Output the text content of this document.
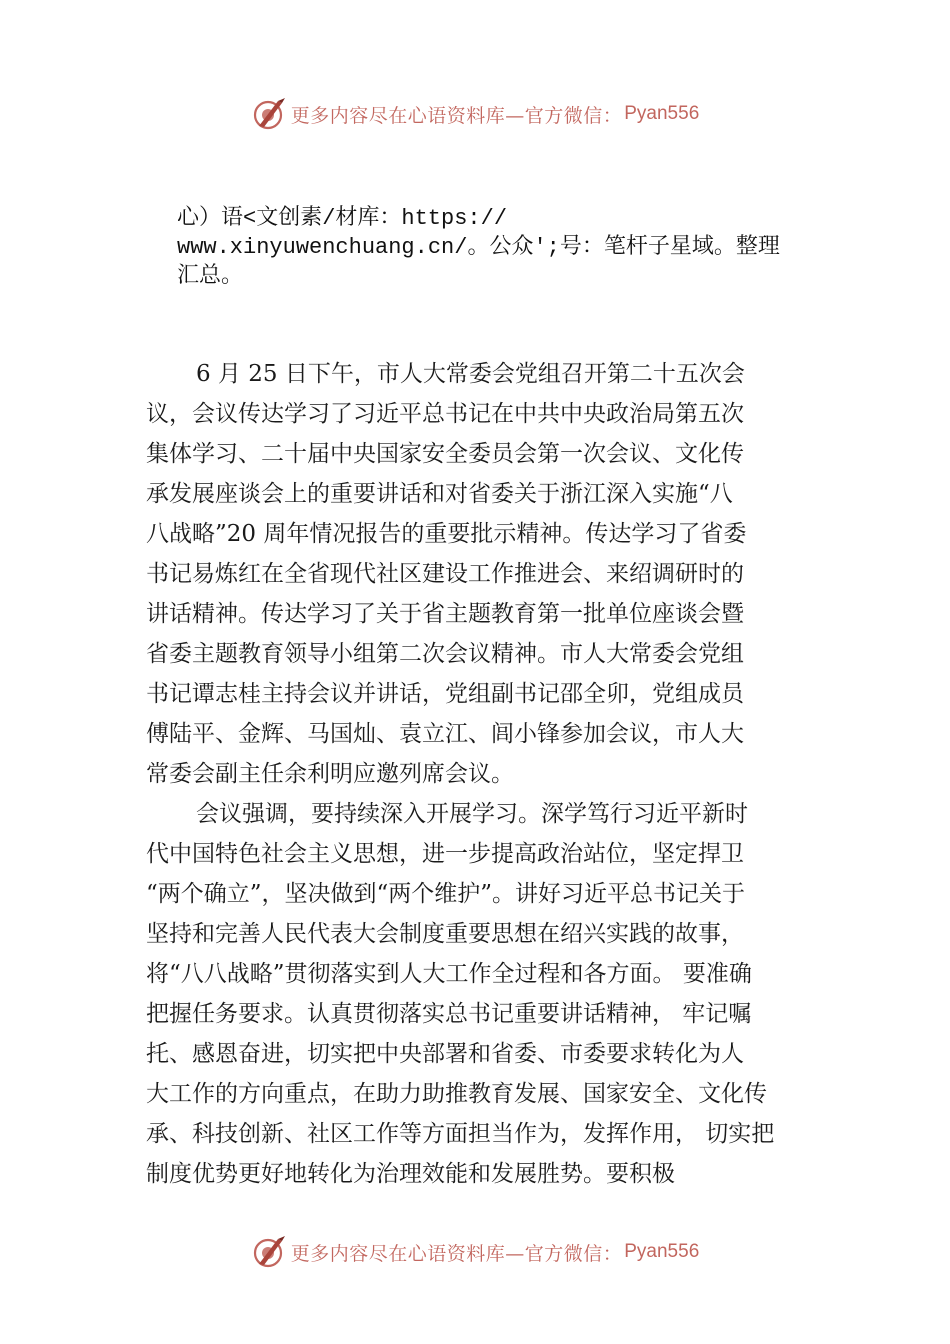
更多内容尽在心语资料库—官方微信： Pyan556
心）语<文创素/材库：https://
www.xinyuwenchuang.cn/。公众';号：笔杆子星域。整理
汇总。
6 月 25 日下午，市人大常委会党组召开第二十五次会
议，会议传达学习了习近平总书记在中共中央政治局第五次
集体学习、二十届中央国家安全委员会第一次会议、文化传
承发展座谈会上的重要讲话和对省委关于浙江深入实施“八
八战略”20 周年情况报告的重要批示精神。传达学习了省委
书记易炼红在全省现代社区建设工作推进会、来绍调研时的
讲话精神。传达学习了关于省主题教育第一批单位座谈会暨
省委主题教育领导小组第二次会议精神。市人大常委会党组
书记谭志桂主持会议并讲话，党组副书记邵全卯，党组成员
傅陆平、金辉、马国灿、袁立江、闾小锋参加会议，市人大
常委会副主任余利明应邀列席会议。
会议强调，要持续深入开展学习。深学笃行习近平新时
代中国特色社会主义思想，进一步提高政治站位，坚定捍卫
“两个确立”，坚决做到“两个维护”。讲好习近平总书记关于
坚持和完善人民代表大会制度重要思想在绍兴实践的故事，
将“八八战略”贯彻落实到人大工作全过程和各方面。 要准确
把握任务要求。认真贯彻落实总书记重要讲话精神， 牢记嘱
托、感恩奋进，切实把中央部署和省委、市委要求转化为人
大工作的方向重点，在助力助推教育发展、国家安全、文化传
承、科技创新、社区工作等方面担当作为，发挥作用， 切实把
制度优势更好地转化为治理效能和发展胜势。要积极
更多内容尽在心语资料库—官方微信： Pyan556
